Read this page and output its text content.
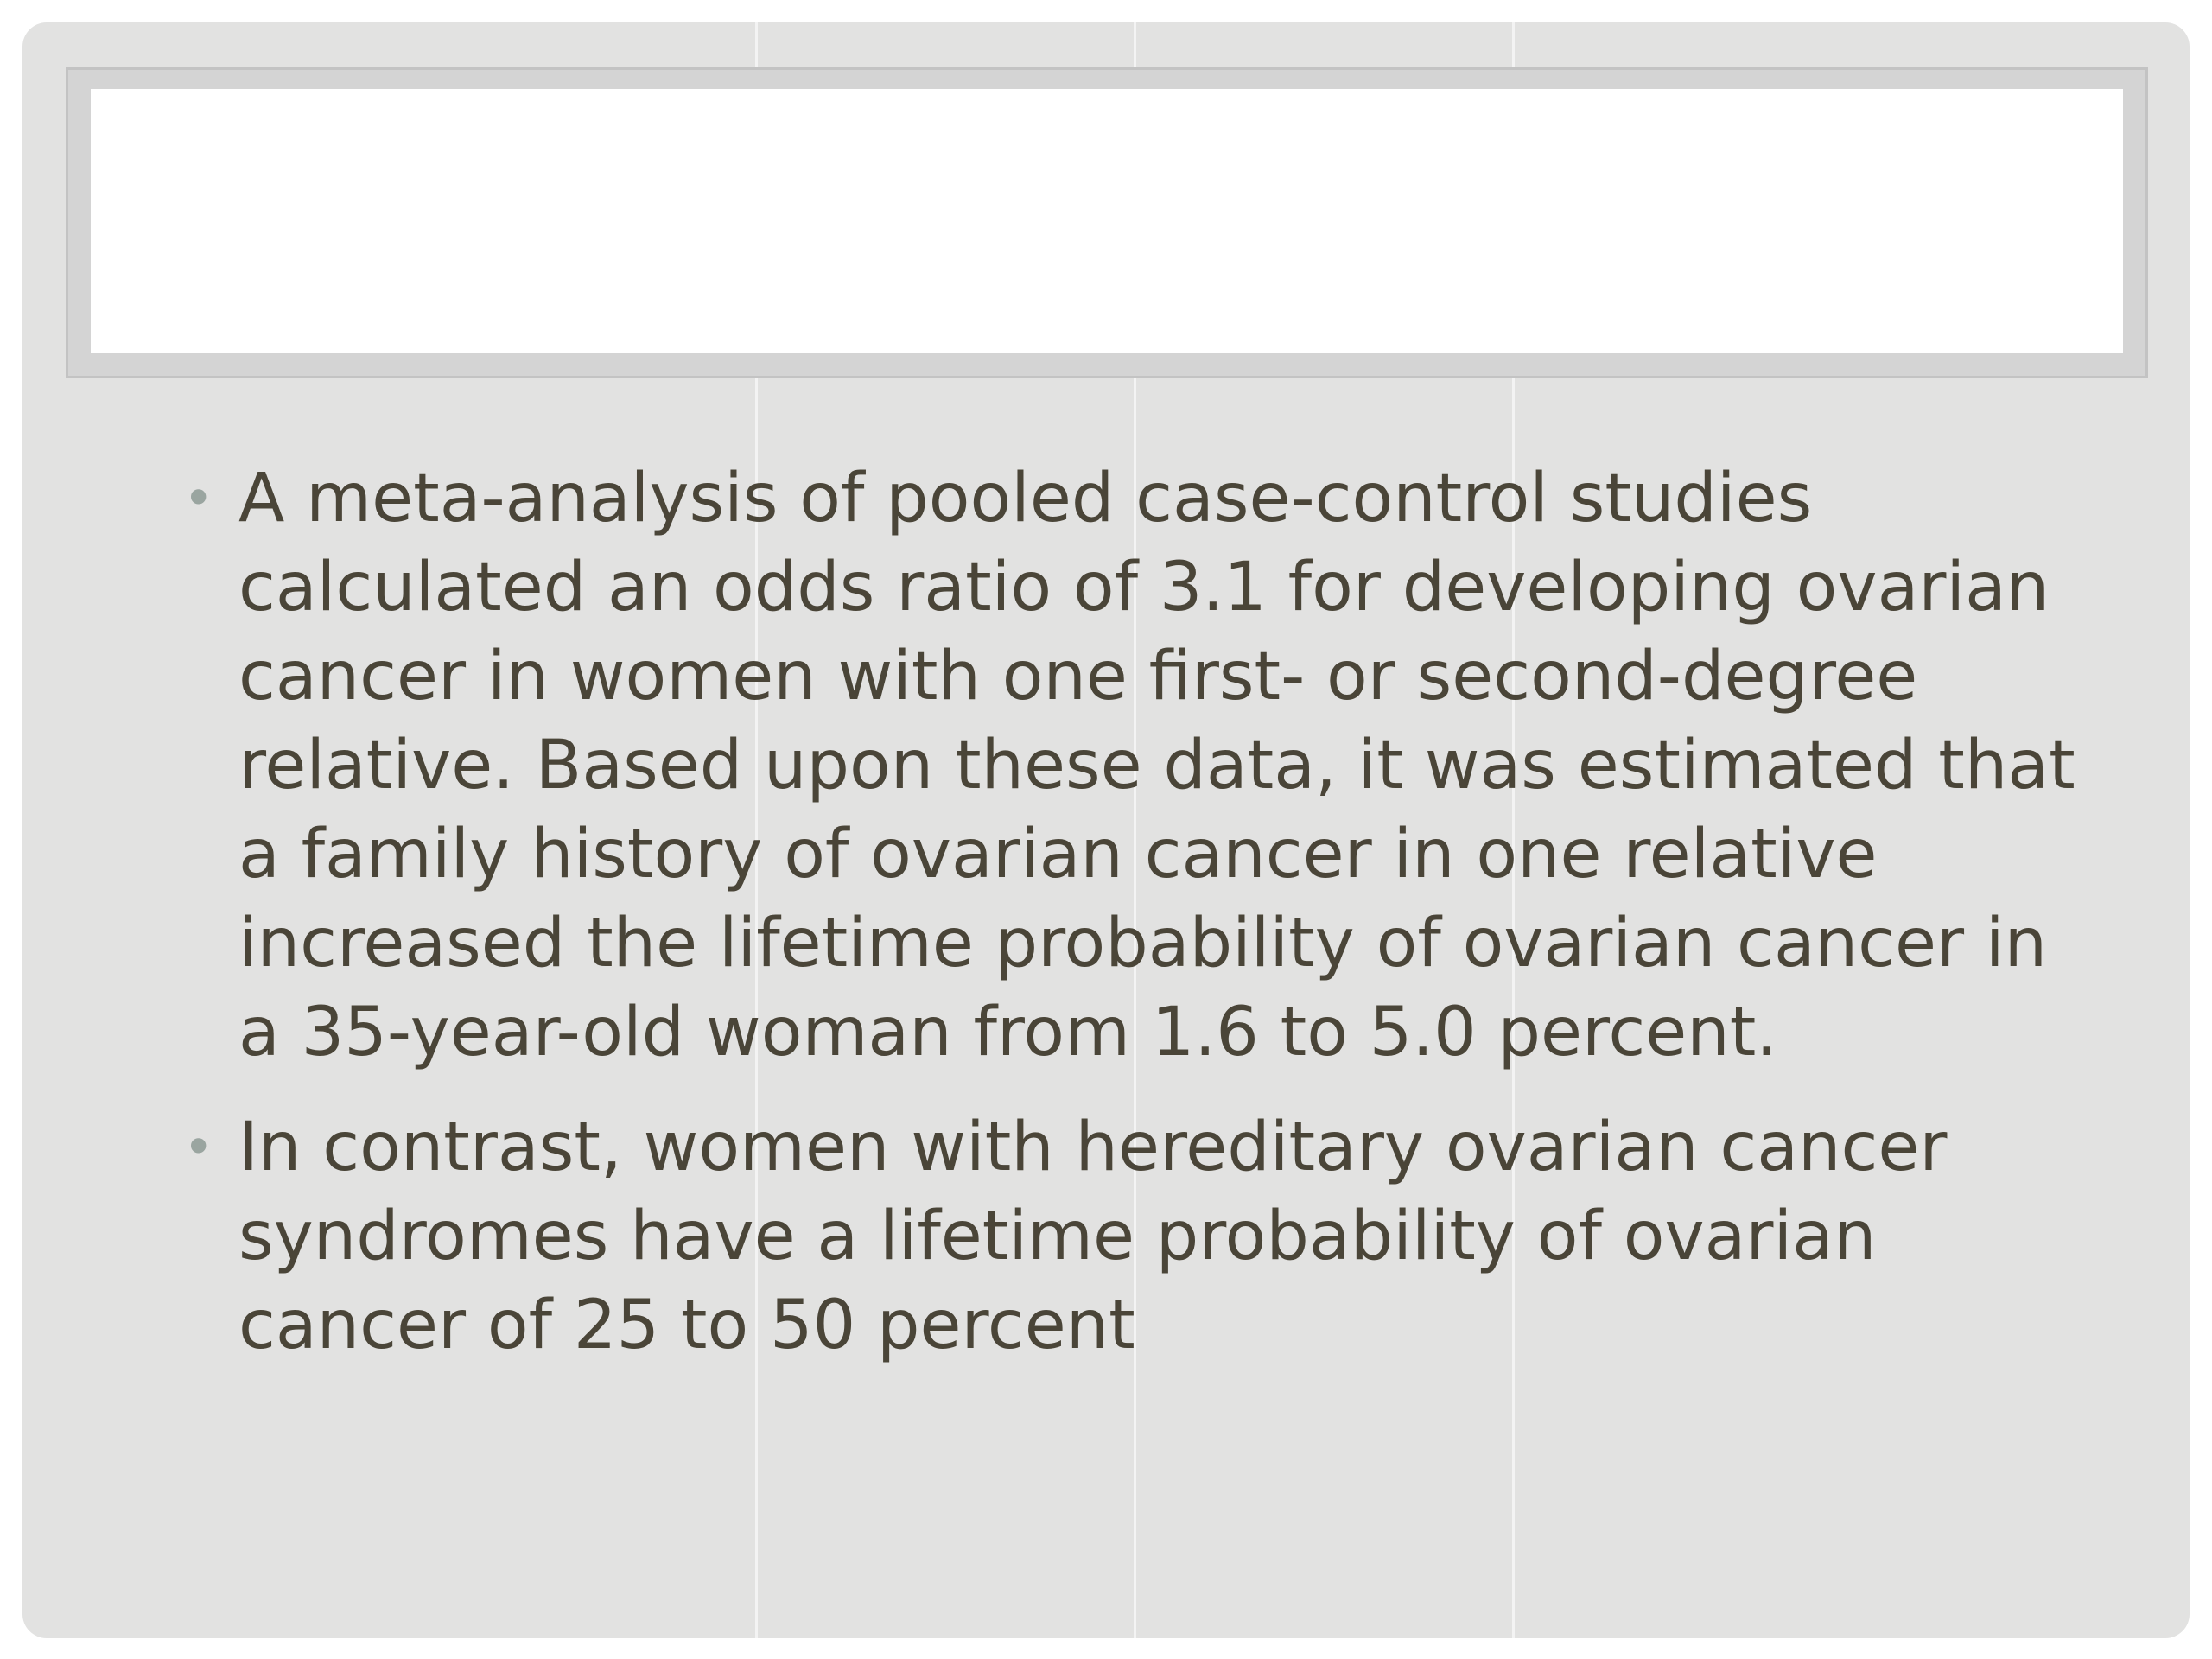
• A meta-analysis of pooled case-control studies calculated an odds ratio of 3.1 for developing ovarian cancer in women with one first- or second-degree relative. Based upon these data, it was estimated that a family history of ovarian cancer in one relative increased the lifetime probability of ovarian cancer in a 35-year-old woman from 1.6 to 5.0 percent.
• In contrast, women with hereditary ovarian cancer syndromes have a lifetime probability of ovarian cancer of 25 to 50 percent
